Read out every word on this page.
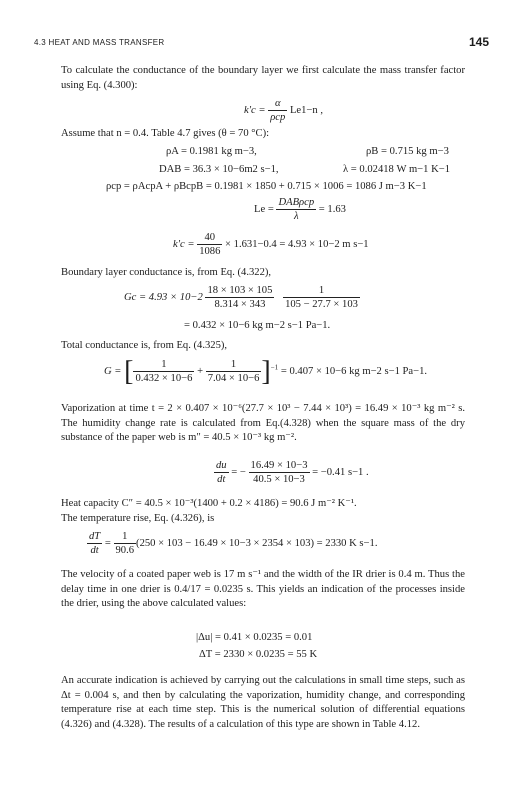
4.3 HEAT AND MASS TRANSFER	145
To calculate the conductance of the boundary layer we first calculate the mass transfer factor using Eq. (4.300):
$k'c = \frac{\alpha}{\text{ρcp}} Le1-n$ ,
Assume that n = 0.4. Table 4.7 gives (θ = 70 °C):
ρA = 0.1981 kg m−3,	ρB = 0.715 kg m−3
DAB = 36.3 × 10−6m2 s−1,	λ = 0.02418 W m−1 K−1
ρcp = ρAcpA + ρBcpB = 0.1981 × 1850 + 0.715 × 1006 = 1086 J m−3 K−1
$Le = \frac{\text{DABρcp}}{\lambda} = 1.63$
$k'c = \frac{40}{1086} \times 1.631-0.4 = 4.93 \times 10-2$ m s−1
Boundary layer conductance is, from Eq. (4.322),
$Gc = 4.93 \times 10-2 \frac{18 \times 103 \times 105}{8.314 \times 343}$
$\frac{1}{105 - 27.7 \times 103}$
= 0.432 × 10−6 kg m−2 s−1 Pa−1.
Total conductance is, from Eq. (4.325),
G = [ $\frac{1}{0.432 \times 10-6} + \frac{1}{7.04 \times 10-6} ]^{-1} = 0.407 \times 10-6$ kg m−2 s−1 Pa−1.
Vaporization at time t = 2 × 0.407 × 10⁻⁶(27.7 × 10³ − 7.44 × 10³) = 16.49 × 10⁻³ kg m⁻² s. The humidity change rate is calculated from Eq.(4.328) when the square mass of the dry substance of the paper web is m″ = 40.5 × 10⁻³ kg m⁻².
$\frac{du}{dt}$ = − $\frac{16.49 \times 10-3}{40.5 \times 10-3} = -0.41$ s−1 .
Heat capacity C″ = 40.5 × 10⁻³(1400 + 0.2 × 4186) = 90.6 J m⁻² K⁻¹.
The temperature rise, Eq. (4.326), is
$\frac{dT}{dt} = \frac{1}{90.6} (250 \times 103 - 16.49 \times 10-3 \times 2354 \times 103) = 2330$ K s−1.
The velocity of a coated paper web is 17 m s⁻¹ and the width of the IR drier is 0.4 m. Thus the delay time in one drier is 0.4/17 = 0.0235 s. This yields an indication of the processes inside the drier, using the above calculated values:
|Δu| = 0.41 × 0.0235 = 0.01
ΔT = 2330 × 0.0235 = 55 K
An accurate indication is achieved by carrying out the calculations in small time steps, such as Δt = 0.004 s, and then by calculating the vaporization, humidity change, and corresponding temperature rise at each time step. This is the numerical solution of differential equations (4.326) and (4.328). The results of a calculation of this type are shown in Table 4.12.
